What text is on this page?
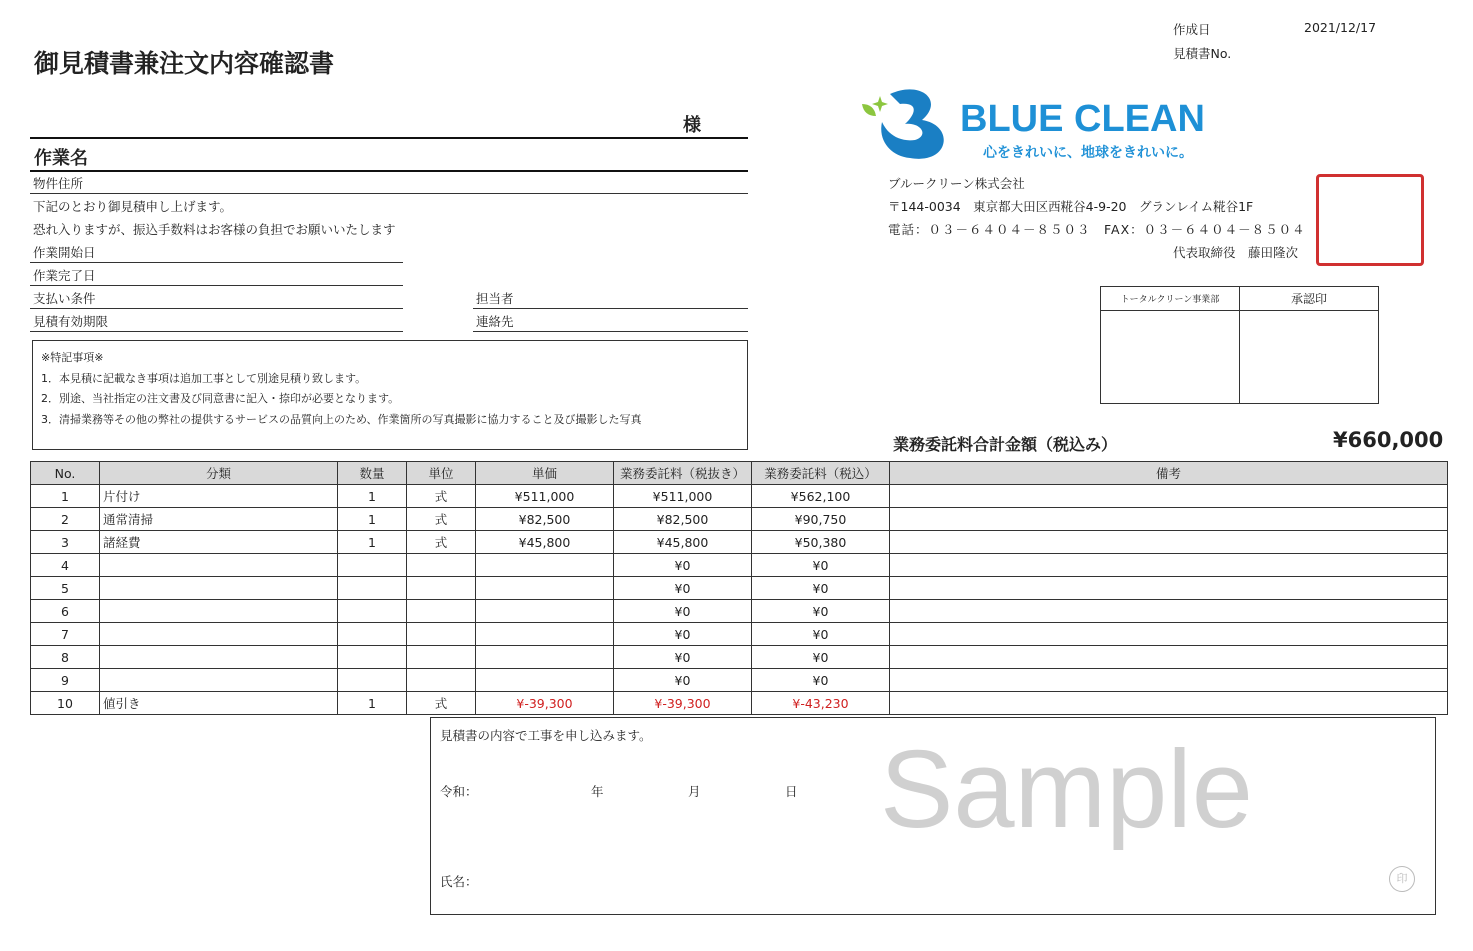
作成日	2021/12/17
見積書No.
御見積書兼注文内容確認書
様
作業名
物件住所
下記のとおり御見積申し上げます。
恐れ入りますが、振込手数料はお客様の負担でお願いいたします
作業開始日
作業完了日
支払い条件
見積有効期限
担当者
連絡先
※特記事項※
1．本見積に記載なき事項は追加工事として別途見積り致します。
2．別途、当社指定の注文書及び同意書に記入・捺印が必要となります。
3．清掃業務等その他の弊社の提供するサービスの品質向上のため、作業箇所の写真撮影に協力すること及び撮影した写真
BLUE CLEAN
心をきれいに、地球をきれいに。
ブルークリーン株式会社
〒144-0034　東京都大田区西糀谷4-9-20　グランレイム糀谷1F
電話：０３－６４０４－８５０３　FAX：０３－６４０４－８５０４
代表取締役　藤田隆次
トータルクリーン事業部	承認印

業務委託料合計金額（税込み）	¥660,000
No.	分類	数量	単位	単価	業務委託料（税抜き）	業務委託料（税込）	備考
1	片付け	1	式	¥511,000	¥511,000	¥562,100	
2	通常清掃	1	式	¥82,500	¥82,500	¥90,750	
3	諸経費	1	式	¥45,800	¥45,800	¥50,380	
4					¥0	¥0	
5					¥0	¥0	
6					¥0	¥0	
7					¥0	¥0	
8					¥0	¥0	
9					¥0	¥0	
10	値引き	1	式	¥-39,300	¥-39,300	¥-43,230	
見積書の内容で工事を申し込みます。
令和：	年	月	日
氏名：	印
Sample
